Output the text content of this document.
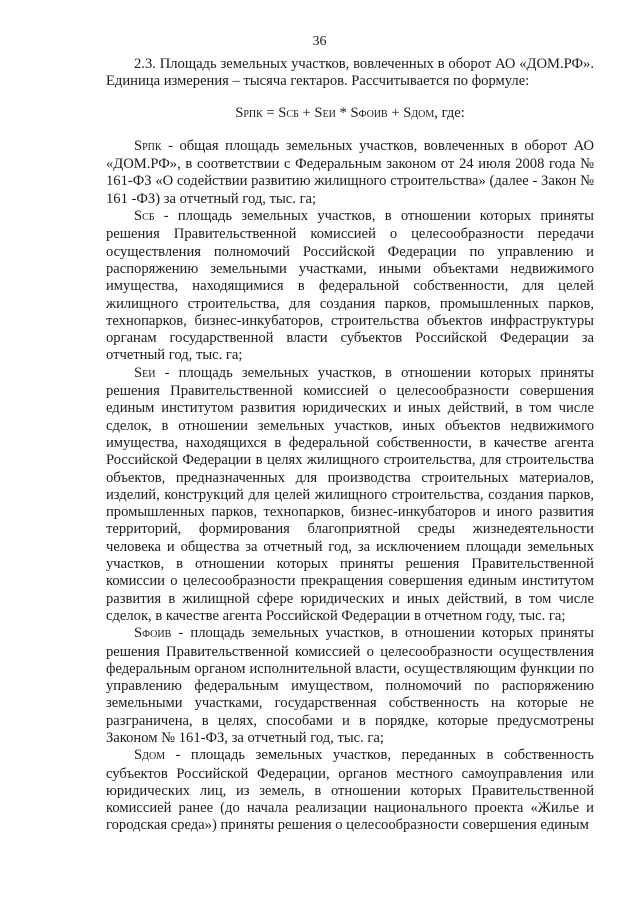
36

2.3. Площадь земельных участков, вовлеченных в оборот АО «ДОМ.РФ». Единица измерения – тысяча гектаров. Рассчитывается по формуле:

SРПК = SСБ + SЕИ * SФОИВ + SДОМ, где:

SРПК - общая площадь земельных участков, вовлеченных в оборот АО «ДОМ.РФ», в соответствии с Федеральным законом от 24 июля 2008 года № 161-ФЗ «О содействии развитию жилищного строительства» (далее - Закон № 161 -ФЗ) за отчетный год, тыс. га;

SСБ - площадь земельных участков, в отношении которых приняты решения Правительственной комиссией о целесообразности передачи осуществления полномочий Российской Федерации по управлению и распоряжению земельными участками, иными объектами недвижимого имущества, находящимися в федеральной собственности, для целей жилищного строительства, для создания парков, промышленных парков, технопарков, бизнес-инкубаторов, строительства объектов инфраструктуры органам государственной власти субъектов Российской Федерации за отчетный год, тыс. га;

SЕИ - площадь земельных участков, в отношении которых приняты решения Правительственной комиссией о целесообразности совершения единым институтом развития юридических и иных действий, в том числе сделок, в отношении земельных участков, иных объектов недвижимого имущества, находящихся в федеральной собственности, в качестве агента Российской Федерации в целях жилищного строительства, для строительства объектов, предназначенных для производства строительных материалов, изделий, конструкций для целей жилищного строительства, создания парков, промышленных парков, технопарков, бизнес-инкубаторов и иного развития территорий, формирования благоприятной среды жизнедеятельности человека и общества за отчетный год, за исключением площади земельных участков, в отношении которых приняты решения Правительственной комиссии о целесообразности прекращения совершения единым институтом развития в жилищной сфере юридических и иных действий, в том числе сделок, в качестве агента Российской Федерации в отчетном году, тыс. га;

SФОИВ - площадь земельных участков, в отношении которых приняты решения Правительственной комиссией о целесообразности осуществления федеральным органом исполнительной власти, осуществляющим функции по управлению федеральным имуществом, полномочий по распоряжению земельными участками, государственная собственность на которые не разграничена, в целях, способами и в порядке, которые предусмотрены Законом № 161-ФЗ, за отчетный год, тыс. га;

SДОМ - площадь земельных участков, переданных в собственность субъектов Российской Федерации, органов местного самоуправления или юридических лиц, из земель, в отношении которых Правительственной комиссией ранее (до начала реализации национального проекта «Жилье и городская среда») приняты решения о целесообразности совершения единым
